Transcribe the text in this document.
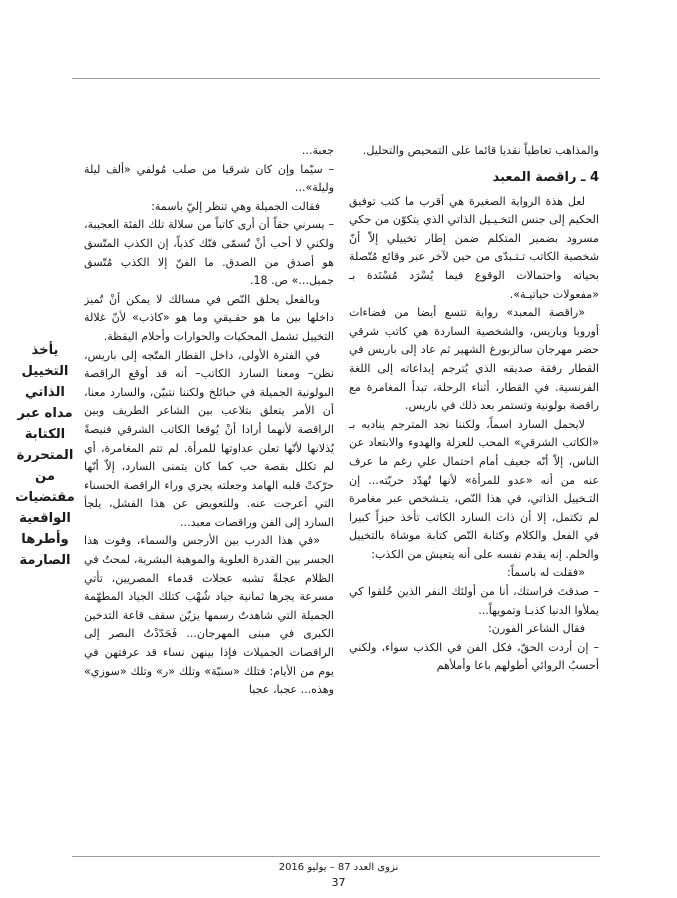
والمذاهب تعاطياً نقديا قائما على التمحيص والتحليل.

4 ـ راقصة المعبد

لعل هذة الرواية الصغيرة هي أقرب ما كتب توفيق الحكيم إلى جنس التخـيـيل الذاتي الذي يتكوّن من حكي مسرود بضمير المتكلم ضمن إطار تخييلي إلاّ أنّ شخصية الكاتب تـتـبدّى من حين لآخر عبر وقائع مُتّصلة بحياته واحتمالات الوقوع فيما يُسْرَد مُسْنَدة بـ «مفعولات حياتيـة».

«راقصة المعبد» رواية تتسع أيضا من فضاءات أوروبا وباريس، والشخصية الساردة هي كاتب شرقي حضر مهرجان سالزبورغ الشهير ثم عاد إلى باريس في القطار رفقة صديقه الذي يُترجم إبداعاته إلى اللغة الفرنسية. في القطار، أثناء الرحلة، تبدأ المغامرة مع راقصة بولونية وتستمر بعد ذلك في باريس.

لايحمل السارد اسماً، ولكننا نجد المترجم يناديه بـ «الكاتب الشرقي» المحب للعزلة والهدوء والابتعاد عن الناس، إلاّ أنّه جعيف أمام احتمال علي رغم ما عرف عنه من أنه «عدو للمرأة» لأنها تُهدّد حريّته... إن التـخييل الذاتي، في هذا النّص، يتـشخص عبر مغامرة لم تكتمل، إلا أن ذات السارد الكاتب تأخذ حيزاً كبيرا في الفعل والكلام وكتابة النّص كتابة موشاة بالتخييل والحلم. إنه يقدم نفسه على أنه يتعيش من الكذب:

«فقلت له باسماً:

– صدقتَ فراستك، أنا من أولئك النفر الذين خُلقوا كي يملأوا الدنيا كذبـا وتمويهاً...

فقال الشاعر الفورن:

– إن أردت الحقّ، فكل الفن في الكذب سواء، ولكني أحسبُ الروائي أطولهم باعا وأملأهم

جعبة...

– سيّما وإن كان شرقيا من صلب مُولفي «ألف ليلة وليلة»...

فقالت الجميلة وهي تنظر إليّ باسمة:

– يسرني حقاً أن أرى كاتباً من سلالة تلك الفئة العجيبة، ولكني لا أحب أنْ تُسمّى فنّك كذباً، إن الكذب المتّسق هو أصدق من الصدق. ما الفنّ إلا الكذب مُتّسق جميل...» ص. 18.

وبالفعل يحلق النّص في مسالك لا يمكن أنْ تُميز داخلها بين ما هو حقـيقي وما هو «كاذب» لأنّ غلالة التخييل تشمل المحكيات والحوارات وأحلام اليقظة.

في الفترة الأولى، داخل القطار المتّجه إلى باريس، نظن– ومعنا السارد الكاتب– أنه قد أوقع الراقصة البولونية الجميلة في حبائلخ ولكننا نتبيّن، والسارد معنا، أن الأمر يتعلق بتلاعب بين الشاعر الطريف وبين الراقصة لأنهما أرادا أنْ يُوقعا الكاتب الشرقي فنيصةً يُذلانها لأنّها تعلن عداوتها للمرأة. لم تتم المغامرة، أي لم تكلل بقصة حب كما كان يتمنى السارد، إلاّ أنّها حرّكتْ قلبه الهامد وجعلته يجري وراء الراقصة الحسناء التي أعرجت عنه. وللتعويض عن هذا الفشل، يلجأ السارد إلى الفن وراقصات معبد...

«في هذا الدرب بين الأرجس والسماء، وفوت هذا الجسر بين القدرة العلوية والموهبة البشرية، لمحتُ في الظلام عجلةً تشبه عجلات قدماء المصريين، تأتي مسرعة يجرها ثمانية جياد شُهْب كتلك الجياد المطهّمة الجميلة التي شاهدتُ رسمها يزيّن سقف قاعة التدخين الكبرى في مبنى المهرجان... فَحَدّدْتُ البصر إلى الراقصات الجميلات فإذا بينهن نساء قد عرفتهن في يوم من الأيام: فتلك «سنيّة» وتلك «ر» وتلك «سوزي» وهذه... عجبا، عجبا

يأخذ التخييل الذاتي مداه عبر الكتابة المتحررة من مقتضيات الواقعية وأطرها الصارمة
نزوى العدد 87 – يوليو 2016
37
